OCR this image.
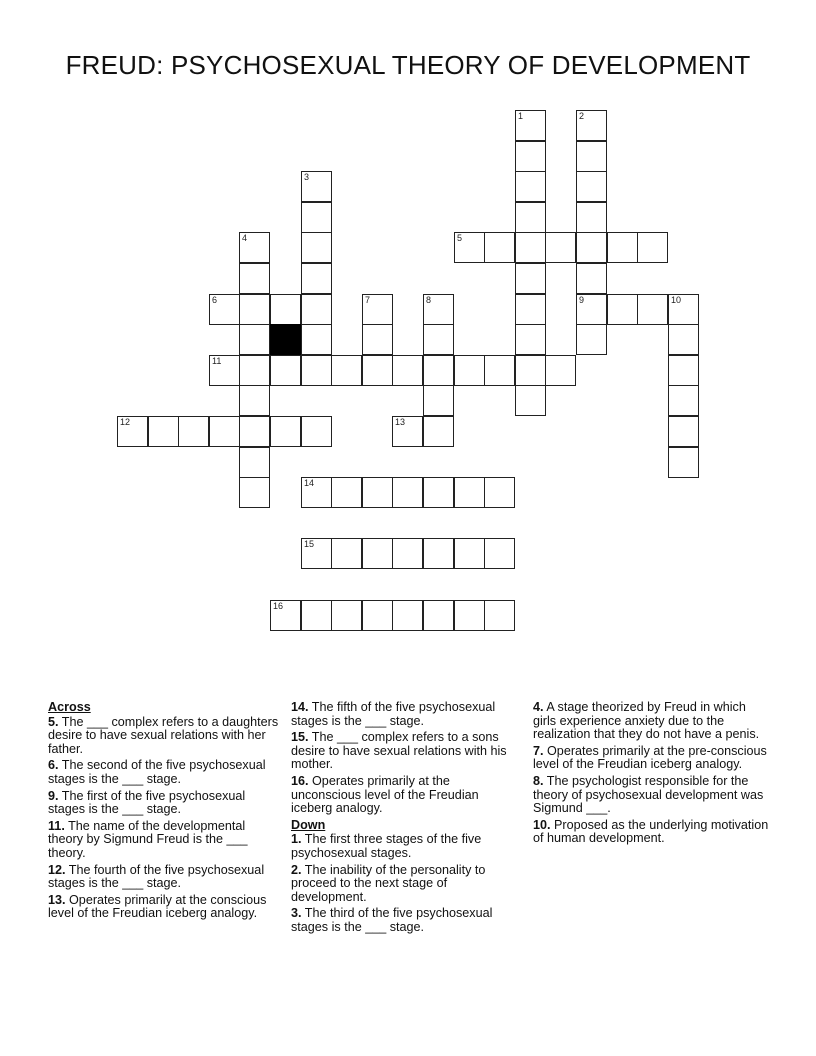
FREUD: PSYCHOSEXUAL THEORY OF DEVELOPMENT
5
6	9	10
11
12	13
14
15
16
1	2
3
4
7	8
Across
5. The ___ complex refers to a daughters desire to have sexual relations with her father.
6. The second of the five psychosexual stages is the ___ stage.
9. The first of the five psychosexual stages is the ___ stage.
11. The name of the developmental theory by Sigmund Freud is the ___ theory.
12. The fourth of the five psychosexual stages is the ___ stage.
13. Operates primarily at the conscious level of the Freudian iceberg analogy.
14. The fifth of the five psychosexual stages is the ___ stage.
15. The ___ complex refers to a sons desire to have sexual relations with his mother.
16. Operates primarily at the unconscious level of the Freudian iceberg analogy.
Down
1. The first three stages of the five psychosexual stages.
2. The inability of the personality to proceed to the next stage of development.
3. The third of the five psychosexual stages is the ___ stage.
4. A stage theorized by Freud in which girls experience anxiety due to the realization that they do not have a penis.
7. Operates primarily at the pre-conscious level of the Freudian iceberg analogy.
8. The psychologist responsible for the theory of psychosexual development was Sigmund ___.
10. Proposed as the underlying motivation of human development.
